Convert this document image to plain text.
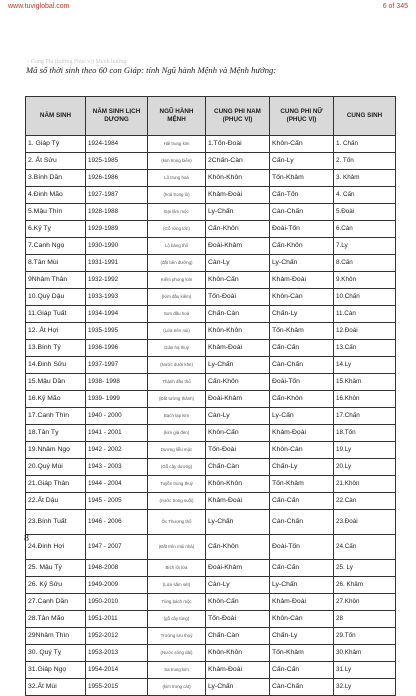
www.tuviglobal.com	6 of 345
− Cung Phi (hướng Phục vị) Mệnh hướng
Mã số thời sinh theo 60 con Giáp: tính Ngũ hành Mệnh và Mệnh hướng:
NĂM SINH	NĂM SINH LỊCH DƯƠNG	NGŨ HÀNH MỆNH	CUNG PHI NAM (PHỤC VỊ)	CUNG PHI NỮ (PHỤC VỊ)	CUNG SINH
1. Giáp Tý	1924-1984	Hải trung kim	1.Tốn-Đoài	Khôn-Cấn	1. Chấn
2. Ất Sửu	1925-1985	(kim trong biển)	2Chấn-Càn	Cấn-Ly	2. Tốn
3.Bính Dần	1926-1986	Lô trung hoả	Khôn-Khôn	Tốn-Khảm	3. Khảm
4.Đinh Mão	1927-1987	(hoả trong lò)	Khảm-Đoài	Cấn-Tốn	4. Cấn
5.Mậu Thìn	1928-1988	Đại lâm mộc	Ly-Chấn	Càn-Chấn	5.Đoài
6.Kỷ Tỵ	1929-1989	(Gỗ rừng lớn)	Cấn-Khôn	Đoài-Tốn	6.Càn
7.Canh Ngọ	1930-1990	Lộ bàng thổ	Đoài-Khảm	Cấn-Khôn	7.Ly
8.Tân Mùi	1931-1991	(đất bên đường)	Càn-Ly	Ly-Chấn	8.Cấn
9Nhâm Thân	1932-1992	Kiếm phong kim	Khôn-Cấn	Khảm-Đoài	9.Khôn
10.Quý Dậu	1933-1993	(Kim đầu kiếm)	Tốn-Đoài	Khôn-Càn	10.Chấn
11.Giáp Tuất	1934-1994	Sơn đầu hoả	Chấn-Càn	Chấn-Ly	11.Càn
12. Ất Hợi	1935-1995	(Lửa trên núi)	Khôn-Khôn	Tốn-Khảm	12.Đoài
13.Bính Tý	1936-1996	Giản hạ thuỷ	Khảm-Đoài	Cấn-Cấn	13.Cấn
14.Đinh Sửu	1937-1997	(Nước dưới khe)	Ly-Chấn	Càn-Chấn	14.Ly
15.Mậu Dần	1938- 1998	Thành đầu thổ	Cấn-Khôn	Đoài-Tốn	15.Khảm
16.Kỷ Mão	1939- 1999	(Đất tường thành)	Đoài-Khảm	Cấn-Khôn	16.Khôn
17.Canh Thìn	1940 - 2000	Bạch lạp kim	Càn-Ly	Ly-Cấn	17.Chấn
18.Tân Tỵ	1941 - 2001	(kim giá đèn)	Khôn-Cấn	Khảm-Đoài	18.Tốn
19.Nhâm Ngọ	1942 - 2002	Dương liễu mộc	Tốn-Đoài	Khôn-Càn	19.Ly
20.Quý Mùi	1943 - 2003	(Gỗ cây dương)	Chấn-Càn	Chấn-Ly	20.Ly
21.Giáp Thân	1944 - 2004	Tuyền trung thuỷ	Khôn-Khôn	Tốn-Khảm	21.Khôn
22.Ất Dậu	1945 - 2005	(nước trong suối)	Khảm-Đoài	Cấn-Cấn	22.Càn
23.Bính Tuất	1946 - 2006	Ốc Thượng thổ	Ly-Chấn	Càn-Chấn	23.Đoài
24.Đinh Hợi	1947 - 2007	(Đất trên mái nhà)	Cấn-Khôn	Đoài-Tốn	24.Cấn
25. Mậu Tý	1948-2008	Bích lôi lửa	Đoài-Khảm	Cấn-Cấn	25. Ly
26. Kỷ Sửu	1949-2009	(Lửa sấm sét)	Càn-Ly	Ly-Chấn	26. Khảm
27.Canh Dần	1950-2010	Tùng bách mộc	Khôn-Cấn	Khảm-Đoài	27.Khôn
28.Tân Mão	1951-2011	(gỗ cây tùng)	Tốn-Đoài	Khôn-Càn	28
29Nhâm Thìn	1952-2012	Trường lưu thuỷ	Chấn-Càn	Chấn-Ly	29.Tốn
30. Quý Tỵ	1953-2013	(Nước sông dài)	Khôn-Khôn	Tốn-Khảm	30.Khảm
31.Giáp Ngọ	1954-2014	Sa trung kim	Khảm-Đoài	Cấn-Cấn	31.Ly
32.Ất Mùi	1955-2015	(kim trong cát)	Ly-Chấn	Càn-Chấn	32.Ly
8
